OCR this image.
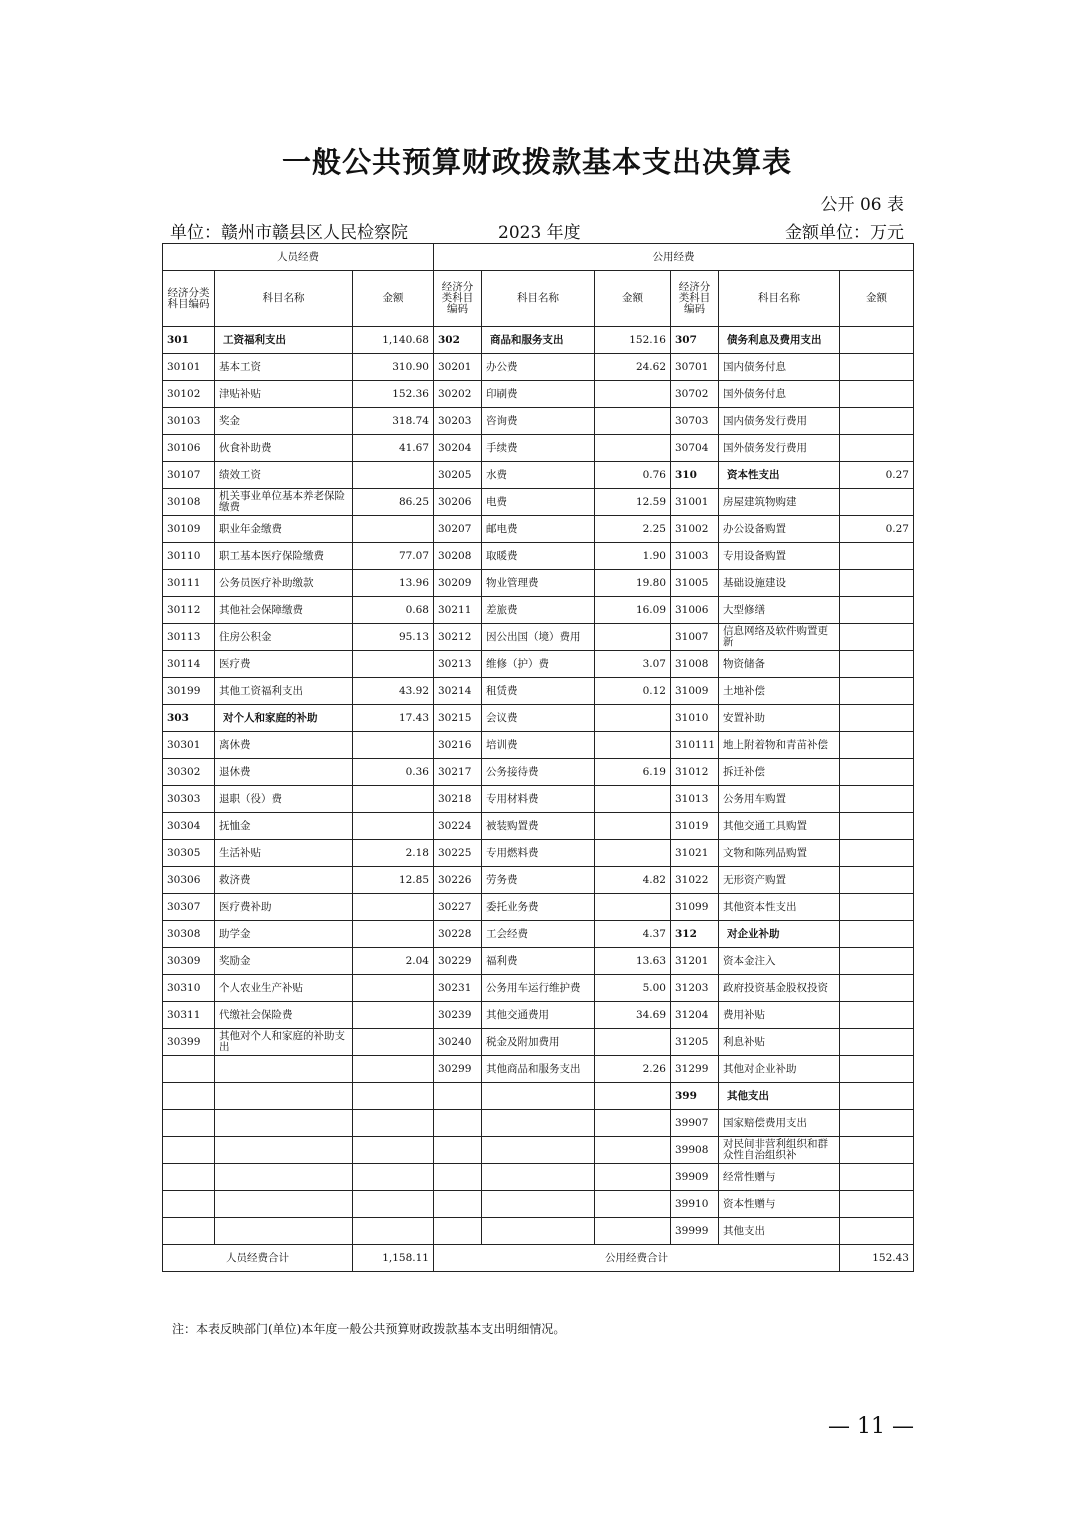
一般公共预算财政拨款基本支出决算表
公开 06 表
单位：赣州市赣县区人民检察院	2023 年度	金额单位：万元
人员经费			公用经费					
经济分类科目编码	科目名称	金额	经济分类科目编码	科目名称	金额	经济分类科目编码	科目名称	金额
301	工资福利支出	1,140.68	302	商品和服务支出	152.16	307	债务利息及费用支出	
30101	基本工资	310.90	30201	办公费	24.62	30701	国内债务付息	
30102	津贴补贴	152.36	30202	印刷费		30702	国外债务付息	
30103	奖金	318.74	30203	咨询费		30703	国内债务发行费用	
30106	伙食补助费	41.67	30204	手续费		30704	国外债务发行费用	
30107	绩效工资		30205	水费	0.76	310	资本性支出	0.27
30108	机关事业单位基本养老保险缴费	86.25	30206	电费	12.59	31001	房屋建筑物购建	
30109	职业年金缴费		30207	邮电费	2.25	31002	办公设备购置	0.27
30110	职工基本医疗保险缴费	77.07	30208	取暖费	1.90	31003	专用设备购置	
30111	公务员医疗补助缴款	13.96	30209	物业管理费	19.80	31005	基础设施建设	
30112	其他社会保障缴费	0.68	30211	差旅费	16.09	31006	大型修缮	
30113	住房公积金	95.13	30212	因公出国（境）费用		31007	信息网络及软件购置更新	
30114	医疗费		30213	维修（护）费	3.07	31008	物资储备	
30199	其他工资福利支出	43.92	30214	租赁费	0.12	31009	土地补偿	
303	对个人和家庭的补助	17.43	30215	会议费		31010	安置补助	
30301	离休费		30216	培训费		310111	地上附着物和青苗补偿	
30302	退休费	0.36	30217	公务接待费	6.19	31012	拆迁补偿	
30303	退职（役）费		30218	专用材料费		31013	公务用车购置	
30304	抚恤金		30224	被装购置费		31019	其他交通工具购置	
30305	生活补贴	2.18	30225	专用燃料费		31021	文物和陈列品购置	
30306	救济费	12.85	30226	劳务费	4.82	31022	无形资产购置	
30307	医疗费补助		30227	委托业务费		31099	其他资本性支出	
30308	助学金		30228	工会经费	4.37	312	对企业补助	
30309	奖励金	2.04	30229	福利费	13.63	31201	资本金注入	
30310	个人农业生产补贴		30231	公务用车运行维护费	5.00	31203	政府投资基金股权投资	
30311	代缴社会保险费		30239	其他交通费用	34.69	31204	费用补贴	
30399	其他对个人和家庭的补助支出		30240	税金及附加费用		31205	利息补贴	
			30299	其他商品和服务支出	2.26	31299	其他对企业补助	
						399	其他支出	
						39907	国家赔偿费用支出	
						39908	对民间非营利组织和群众性自治组织补	
						39909	经常性赠与	
						39910	资本性赠与	
						39999	其他支出	
人员经费合计		1,158.11	公用经费合计					152.43
注：本表反映部门(单位)本年度一般公共预算财政拨款基本支出明细情况。
— 11 —
